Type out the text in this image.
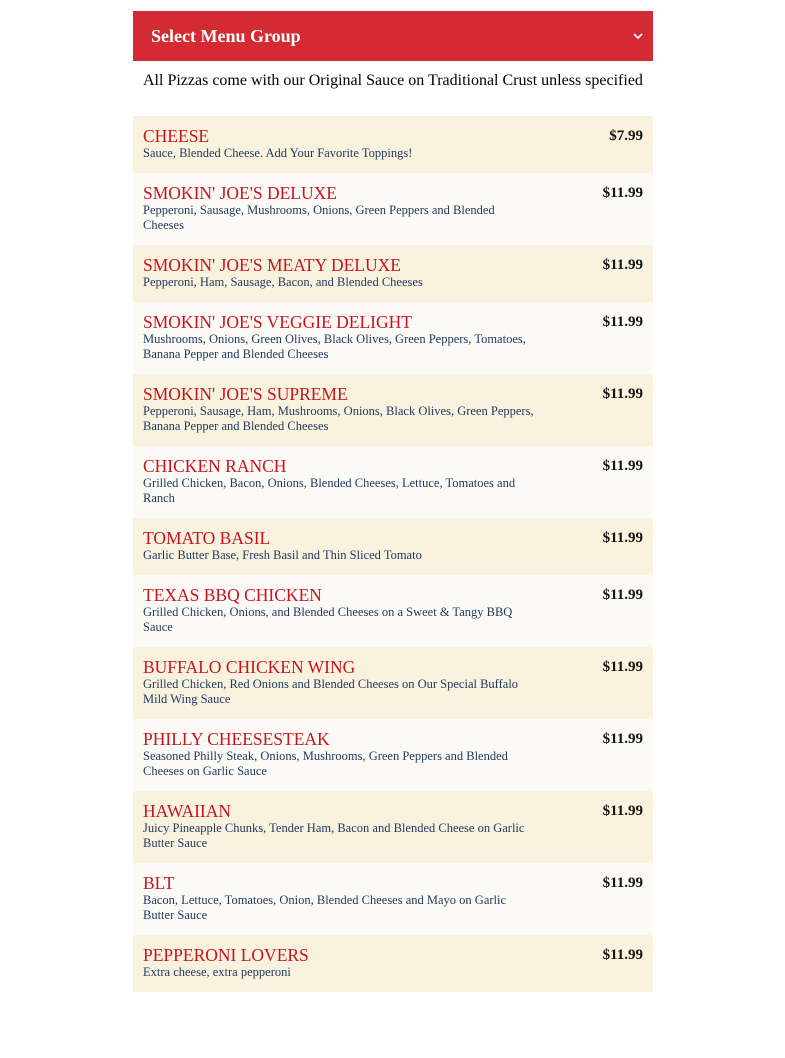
Select Menu Group
All Pizzas come with our Original Sauce on Traditional Crust unless specified
CHEESE
Sauce, Blended Cheese. Add Your Favorite Toppings!
$7.99
SMOKIN' JOE'S DELUXE
Pepperoni, Sausage, Mushrooms, Onions, Green Peppers and Blended Cheeses
$11.99
SMOKIN' JOE'S MEATY DELUXE
Pepperoni, Ham, Sausage, Bacon, and Blended Cheeses
$11.99
SMOKIN' JOE'S VEGGIE DELIGHT
Mushrooms, Onions, Green Olives, Black Olives, Green Peppers, Tomatoes, Banana Pepper and Blended Cheeses
$11.99
SMOKIN' JOE'S SUPREME
Pepperoni, Sausage, Ham, Mushrooms, Onions, Black Olives, Green Peppers, Banana Pepper and Blended Cheeses
$11.99
CHICKEN RANCH
Grilled Chicken, Bacon, Onions, Blended Cheeses, Lettuce, Tomatoes and Ranch
$11.99
TOMATO BASIL
Garlic Butter Base, Fresh Basil and Thin Sliced Tomato
$11.99
TEXAS BBQ CHICKEN
Grilled Chicken, Onions, and Blended Cheeses on a Sweet & Tangy BBQ Sauce
$11.99
BUFFALO CHICKEN WING
Grilled Chicken, Red Onions and Blended Cheeses on Our Special Buffalo Mild Wing Sauce
$11.99
PHILLY CHEESESTEAK
Seasoned Philly Steak, Onions, Mushrooms, Green Peppers and Blended Cheeses on Garlic Sauce
$11.99
HAWAIIAN
Juicy Pineapple Chunks, Tender Ham, Bacon and Blended Cheese on Garlic Butter Sauce
$11.99
BLT
Bacon, Lettuce, Tomatoes, Onion, Blended Cheeses and Mayo on Garlic Butter Sauce
$11.99
PEPPERONI LOVERS
Extra cheese, extra pepperoni
$11.99
